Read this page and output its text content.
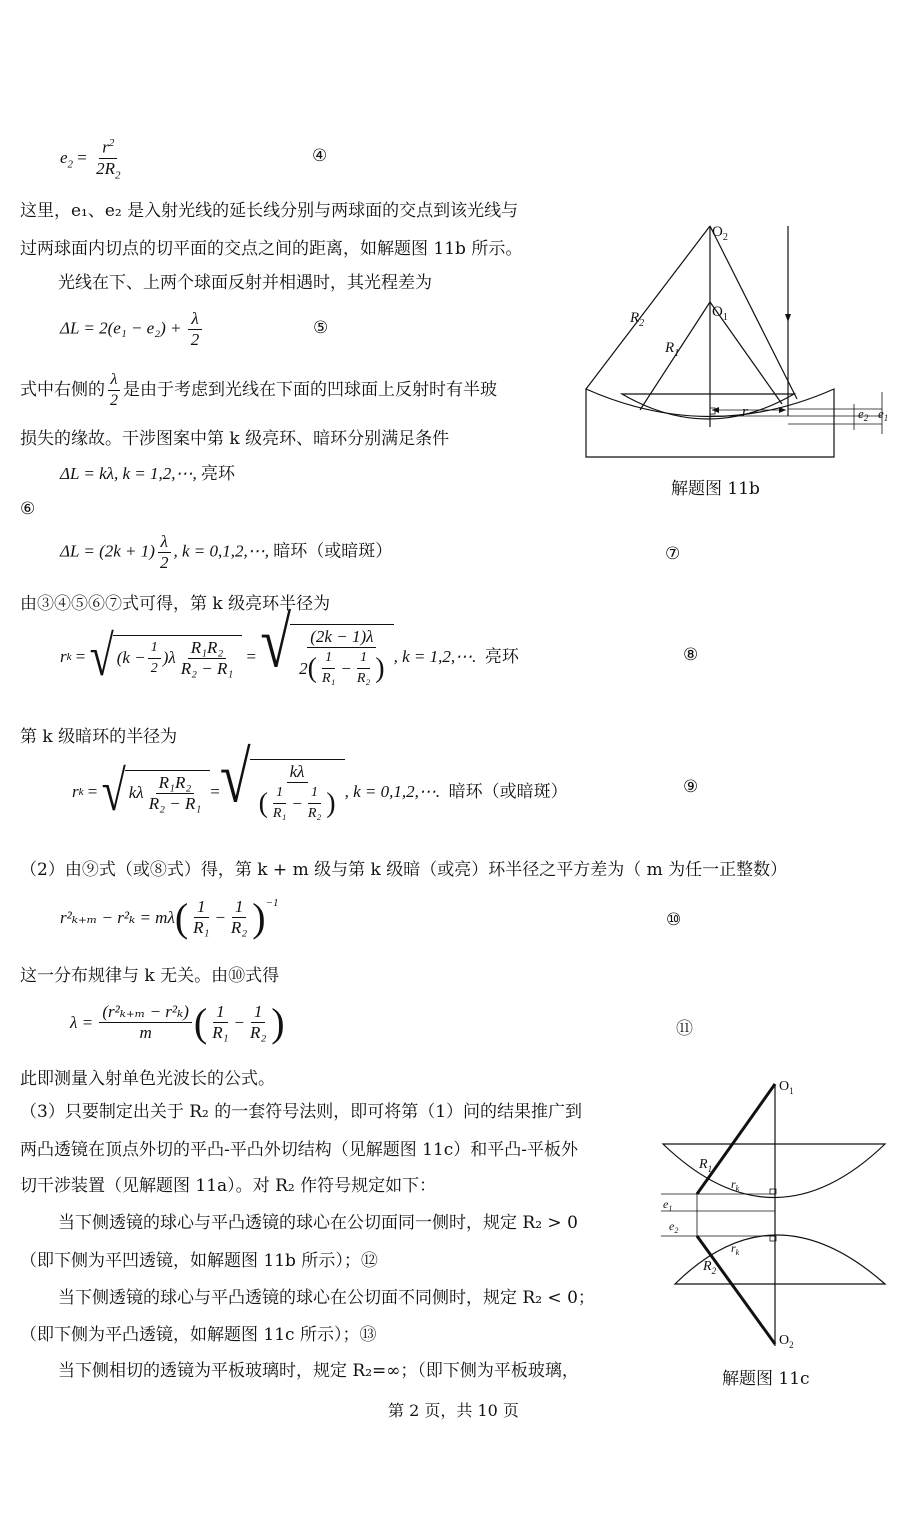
$e_2 = \frac{r^2}{2R_2}$	④
这里，e₁、e₂ 是入射光线的延长线分别与两球面的交点到该光线与
过两球面内切点的切平面的交点之间的距离，如解题图 11b 所示。
光线在下、上两个球面反射并相遇时，其光程差为
$\Delta L = 2(e_1 - e_2) + \frac{\lambda}{2}$	⑤
式中右侧的 $\frac{\lambda}{2}$ 是由于考虑到光线在下面的凹球面上反射时有半玻
损失的缘故。干涉图案中第 k 级亮环、暗环分别满足条件
ΔL = kλ, k = 1,2,⋯, 亮环
⑥
$\Delta L = (2k + 1) \frac{\lambda}{2}$ , k = 0,1,2,⋯, 暗环（或暗斑）	⑦
由③④⑤⑥⑦式可得，第 k 级亮环半径为
r k = √ $(k - \frac{1}{2} )\lambda \frac{\text{R₁R₂}}{\text{R₂ − R₁}}$ = √ $\frac{(2k - 1)\lambda}{2 ( \frac{1}{\text{R₁}} - \frac{1}{\text{R₂}} )}$ , k = 1,2,⋯.
亮环	⑧
第 k 级暗环的半径为
r k = √ kλ $\frac{\text{R₁R₂}}{\text{R₂ − R₁}}$ = √ $\frac{k\lambda}{( \frac{1}{\text{R₁}} - \frac{1}{\text{R₂}} )}$ , k = 0,1,2,⋯.
暗环（或暗斑）	⑨
（2）由⑨式（或⑧式）得，第 k + m 级与第 k 级暗（或亮）环半径之平方差为（ m 为任一正整数）
r²ₖ₊ₘ − r²ₖ = mλ ( $\frac{1}{\text{R₁}} - \frac{1}{\text{R₂}} )^{-1}$
⑩
这一分布规律与 k 无关。由⑩式得
λ =
$\frac{\text{(r²ₖ₊ₘ − r²ₖ)}}{m}$ ( $\frac{1}{\text{R₁}} - \frac{1}{\text{R₂}}$ )	⑪
此即测量入射单色光波长的公式。
（3）只要制定出关于 R₂ 的一套符号法则，即可将第（1）问的结果推广到
两凸透镜在顶点外切的平凸-平凸外切结构（见解题图 11c）和平凸-平板外
切干涉装置（见解题图 11a）。对 R₂ 作符号规定如下：
当下侧透镜的球心与平凸透镜的球心在公切面同一侧时，规定 R₂ > 0
（即下侧为平凹透镜，如解题图 11b 所示）；⑫
当下侧透镜的球心与平凸透镜的球心在公切面不同侧时，规定 R₂ < 0；
（即下侧为平凸透镜，如解题图 11c 所示）；⑬
当下侧相切的透镜为平板玻璃时，规定 R₂=∞；（即下侧为平板玻璃，
$O_2$
$O_1$
$R_2$
$R_1$
r	$e_2$ $e_1$
解题图 11b
$O_1$
$O_2$
$R_1$
$R_2$
$r_k$
$r_k$
$e_1$
$e_2$
解题图 11c
第 2 页，共 10 页
